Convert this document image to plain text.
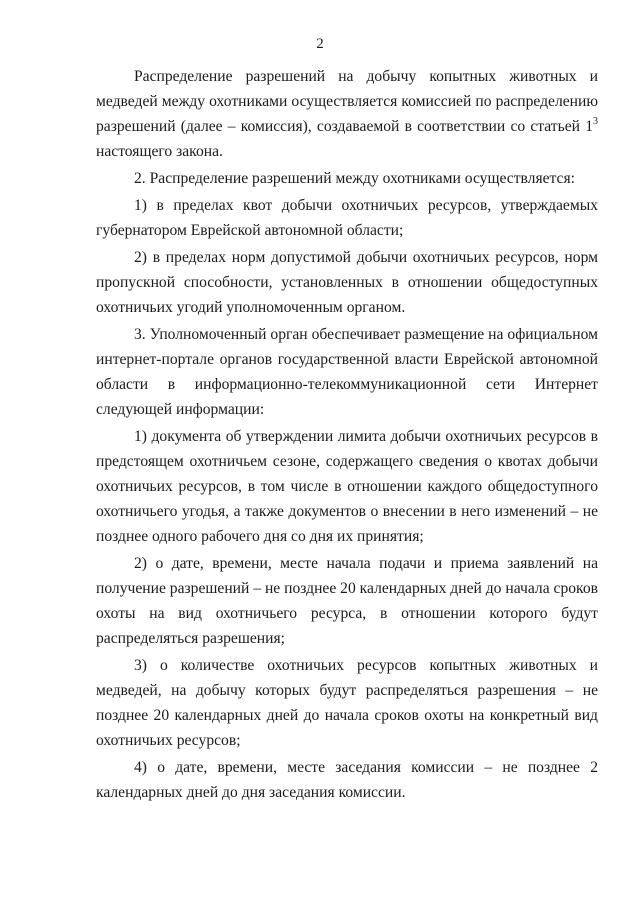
2

Распределение разрешений на добычу копытных животных и медведей между охотниками осуществляется комиссией по распределению разрешений (далее – комиссия), создаваемой в соответствии со статьей $1^3$ настоящего закона.

2. Распределение разрешений между охотниками осуществляется:

1) в пределах квот добычи охотничьих ресурсов, утверждаемых губернатором Еврейской автономной области;

2) в пределах норм допустимой добычи охотничьих ресурсов, норм пропускной способности, установленных в отношении общедоступных охотничьих угодий уполномоченным органом.

3. Уполномоченный орган обеспечивает размещение на официальном интернет-портале органов государственной власти Еврейской автономной области в информационно-телекоммуникационной сети Интернет следующей информации:

1) документа об утверждении лимита добычи охотничьих ресурсов в предстоящем охотничьем сезоне, содержащего сведения о квотах добычи охотничьих ресурсов, в том числе в отношении каждого общедоступного охотничьего угодья, а также документов о внесении в него изменений – не позднее одного рабочего дня со дня их принятия;

2) о дате, времени, месте начала подачи и приема заявлений на получение разрешений – не позднее 20 календарных дней до начала сроков охоты на вид охотничьего ресурса, в отношении которого будут распределяться разрешения;

3) о количестве охотничьих ресурсов копытных животных и медведей, на добычу которых будут распределяться разрешения – не позднее 20 календарных дней до начала сроков охоты на конкретный вид охотничьих ресурсов;

4) о дате, времени, месте заседания комиссии – не позднее 2 календарных дней до дня заседания комиссии.
